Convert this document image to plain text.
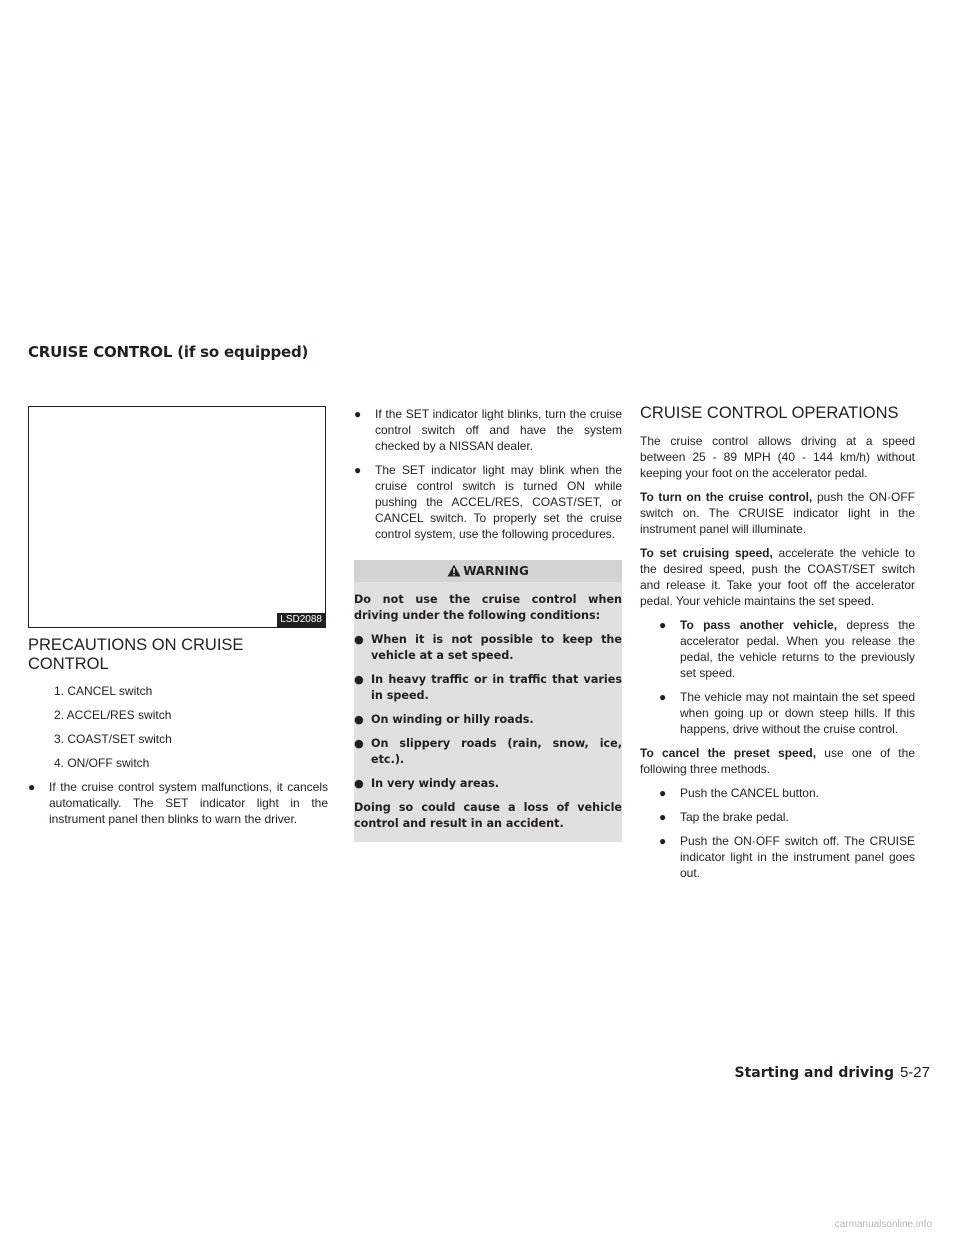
CRUISE CONTROL (if so equipped)
LSD2088
PRECAUTIONS ON CRUISE CONTROL
1. CANCEL switch
2. ACCEL/RES switch
3. COAST/SET switch
4. ON/OFF switch
● If the cruise control system malfunctions, it cancels automatically. The SET indicator light in the instrument panel then blinks to warn the driver.
● If the SET indicator light blinks, turn the cruise control switch off and have the system checked by a NISSAN dealer.
● The SET indicator light may blink when the cruise control switch is turned ON while pushing the ACCEL/RES, COAST/SET, or CANCEL switch. To properly set the cruise control system, use the following procedures.
WARNING

Do not use the cruise control when driving under the following conditions:

● When it is not possible to keep the vehicle at a set speed.
● In heavy traffic or in traffic that varies in speed.
● On winding or hilly roads.
● On slippery roads (rain, snow, ice, etc.).
● In very windy areas.

Doing so could cause a loss of vehicle control and result in an accident.

CRUISE CONTROL OPERATIONS

The cruise control allows driving at a speed between 25 - 89 MPH (40 - 144 km/h) without keeping your foot on the accelerator pedal.

To turn on the cruise control, push the ON·OFF switch on. The CRUISE indicator light in the instrument panel will illuminate.

To set cruising speed, accelerate the vehicle to the desired speed, push the COAST/SET switch and release it. Take your foot off the accelerator pedal. Your vehicle maintains the set speed.

● To pass another vehicle, depress the accelerator pedal. When you release the pedal, the vehicle returns to the previously set speed.
● The vehicle may not maintain the set speed when going up or down steep hills. If this happens, drive without the cruise control.

To cancel the preset speed, use one of the following three methods.

● Push the CANCEL button.
● Tap the brake pedal.
● Push the ON·OFF switch off. The CRUISE indicator light in the instrument panel goes out.
Starting and driving 5-27
carmanualsonline.info
